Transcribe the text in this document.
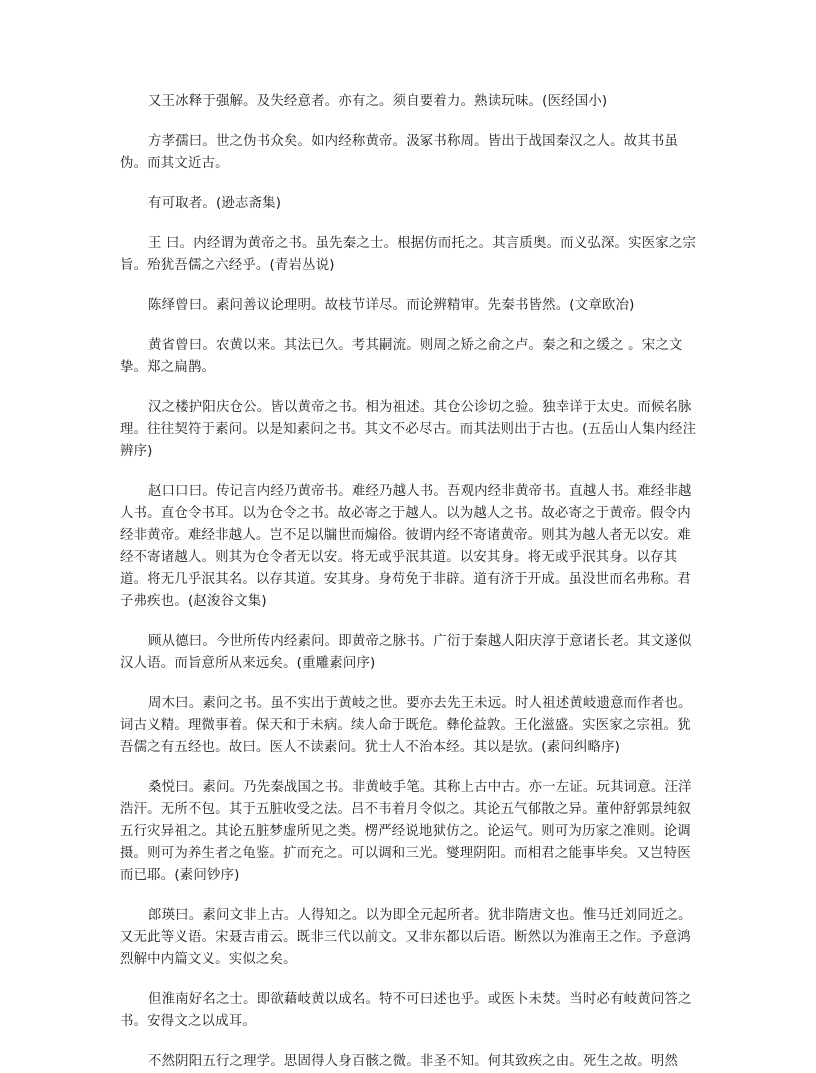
又王冰释于强解。及失经意者。亦有之。须自要着力。熟读玩味。(医经国小)

方孝孺曰。世之伪书众矣。如内经称黄帝。汲冢书称周。皆出于战国秦汉之人。故其书虽伪。而其文近古。

有可取者。(逊志斋集)

王 曰。内经谓为黄帝之书。虽先秦之士。根据仿而托之。其言质奥。而义弘深。实医家之宗旨。殆犹吾儒之六经乎。(青岩丛说)

陈绎曾曰。素问善议论理明。故枝节详尽。而论辨精审。先秦书皆然。(文章欧冶)

黄省曾曰。农黄以来。其法已久。考其嗣流。则周之矫之俞之卢。秦之和之缓之 。宋之文挚。郑之扁鹊。

汉之楼护阳庆仓公。皆以黄帝之书。相为祖述。其仓公诊切之验。独幸详于太史。而候名脉理。往往契符于素问。以是知素问之书。其文不必尽古。而其法则出于古也。(五岳山人集内经注辨序)

赵口口曰。传记言内经乃黄帝书。难经乃越人书。吾观内经非黄帝书。直越人书。难经非越人书。直仓令书耳。以为仓令之书。故必寄之于越人。以为越人之书。故必寄之于黄帝。假令内经非黄帝。难经非越人。岂不足以牖世而煽俗。彼谓内经不寄诸黄帝。则其为越人者无以安。难经不寄诸越人。则其为仓令者无以安。将无或乎泯其道。以安其身。将无或乎泯其身。以存其道。将无几乎泯其名。以存其道。安其身。身苟免于非辟。道有济于开成。虽没世而名弗称。君子弗疾也。(赵浚谷文集)

顾从德曰。今世所传内经素问。即黄帝之脉书。广衍于秦越人阳庆淳于意诸长老。其文遂似汉人语。而旨意所从来远矣。(重雕素问序)

周木曰。素问之书。虽不实出于黄岐之世。要亦去先王未远。时人祖述黄岐遗意而作者也。词古义精。理微事着。保天和于未病。续人命于既危。彝伦益敦。王化滋盛。实医家之宗祖。犹吾儒之有五经也。故曰。医人不读素问。犹士人不治本经。其以是欤。(素问纠略序)

桑悦曰。素问。乃先秦战国之书。非黄岐手笔。其称上古中古。亦一左证。玩其词意。汪洋浩汗。无所不包。其于五脏收受之法。吕不韦着月令似之。其论五气郁散之异。董仲舒郭景纯叙五行灾异祖之。其论五脏梦虚所见之类。楞严经说地狱仿之。论运气。则可为历家之准则。论调摄。则可为养生者之龟鉴。扩而充之。可以调和三光。燮理阴阳。而相君之能事毕矣。又岂特医而已耶。(素问钞序)

郎瑛曰。素问文非上古。人得知之。以为即全元起所者。犹非隋唐文也。惟马迁刘同近之。又无此等义语。宋聂吉甫云。既非三代以前文。又非东都以后语。断然以为淮南王之作。予意鸿烈解中内篇文义。实似之矣。

但淮南好名之士。即欲藉岐黄以成名。特不可曰述也乎。或医卜未焚。当时必有岐黄问答之书。安得文之以成耳。

不然阴阳五行之理学。思固得人身百骸之微。非圣不知。何其致疾之由。死生之故。明然
